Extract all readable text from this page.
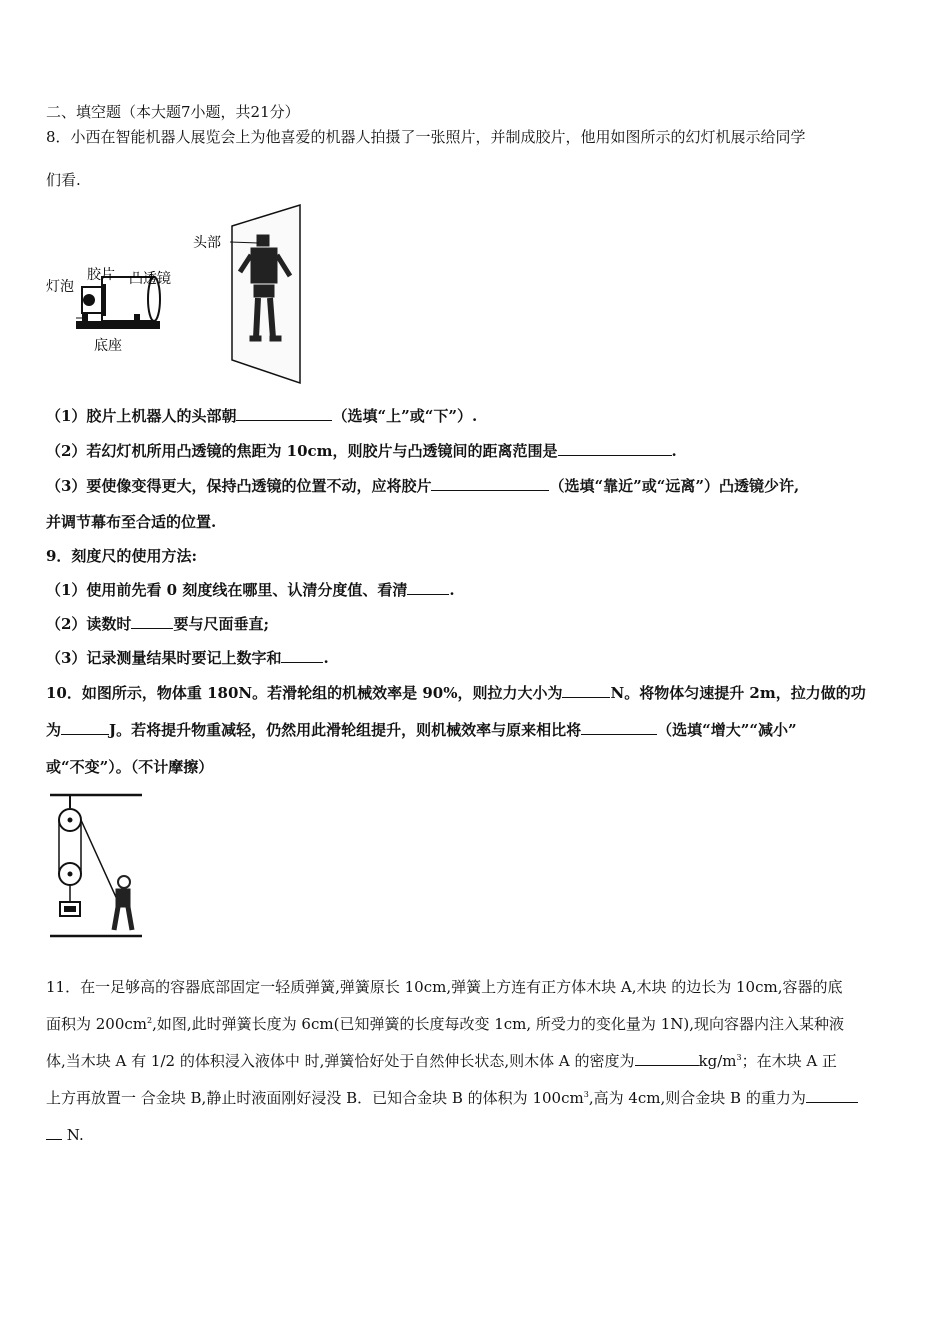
二、填空题（本大题7小题，共21分）
8．小西在智能机器人展览会上为他喜爱的机器人拍摄了一张照片，并制成胶片，他用如图所示的幻灯机展示给同学
们看.
头部
胶片 凸透镜
灯泡
底座
（1）胶片上机器人的头部朝	（选填“上”或“下”）.
（2）若幻灯机所用凸透镜的焦距为 10cm，则胶片与凸透镜间的距离范围是	.
（3）要使像变得更大，保持凸透镜的位置不动，应将胶片	（选填“靠近”或“远离”）凸透镜少许,
并调节幕布至合适的位置.
9．刻度尺的使用方法:
（1）使用前先看 0 刻度线在哪里、认清分度值、看清	.
（2）读数时	要与尺面垂直;
（3）记录测量结果时要记上数字和	.
10．如图所示，物体重 180N。若滑轮组的机械效率是 90%，则拉力大小为	N。将物体匀速提升 2m，拉力做的功
为	J。若将提升物重减轻，仍然用此滑轮组提升，则机械效率与原来相比将	（选填“增大”“减小”
或“不变”）。（不计摩擦）
11．在一足够高的容器底部固定一轻质弹簧,弹簧原长 10cm,弹簧上方连有正方体木块 A,木块 的边长为 10cm,容器的底
面积为 $200cm^2$,如图,此时弹簧长度为 6cm(已知弹簧的长度每改变 1cm, 所受力的变化量为 1N),现向容器内注入某种液
体,当木块 A 有 1/2 的体积浸入液体中 时,弹簧恰好处于自然伸长状态,则木体 A 的密度为	$kg/m^3$；在木块 A 正
上方再放置一 合金块 B,静止时液面刚好浸没 B．已知合金块 B 的体积为 $100cm^3$,高为 4cm,则合金块 B 的重力为
N.
